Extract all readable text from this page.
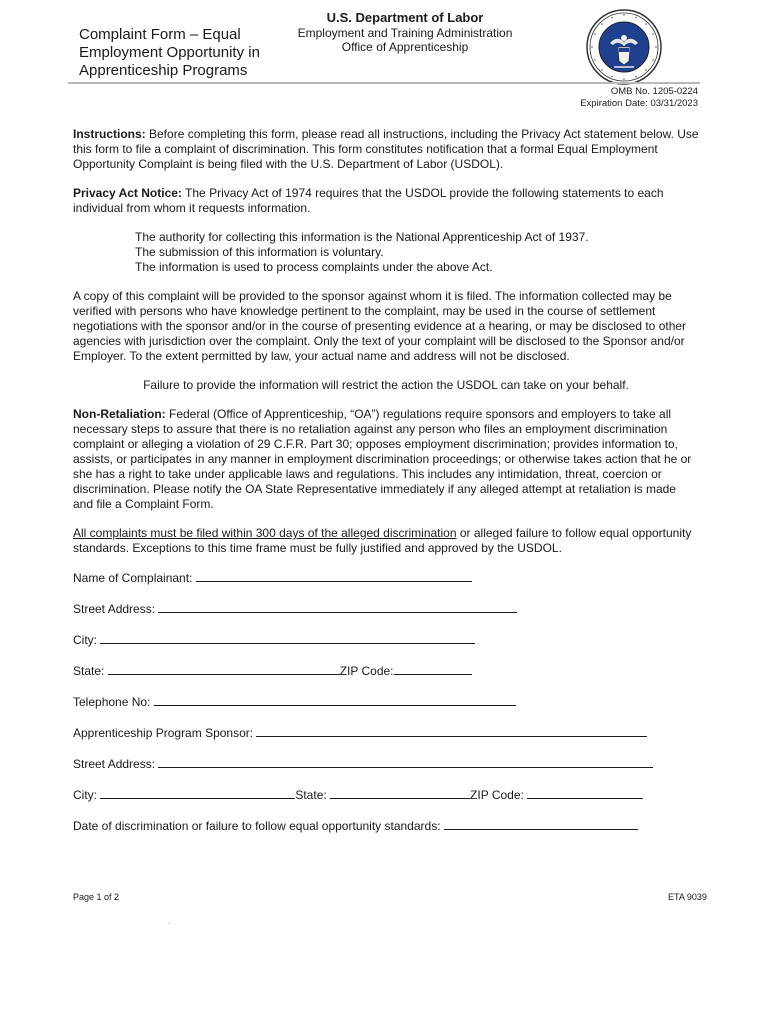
Complaint Form – Equal Employment Opportunity in Apprenticeship Programs
U.S. Department of Labor
Employment and Training Administration
Office of Apprenticeship
OMB No. 1205-0224
Expiration Date: 03/31/2023

Instructions: Before completing this form, please read all instructions, including the Privacy Act statement below. Use this form to file a complaint of discrimination. This form constitutes notification that a formal Equal Employment Opportunity Complaint is being filed with the U.S. Department of Labor (USDOL).

Privacy Act Notice: The Privacy Act of 1974 requires that the USDOL provide the following statements to each individual from whom it requests information.

The authority for collecting this information is the National Apprenticeship Act of 1937.
The submission of this information is voluntary.
The information is used to process complaints under the above Act.

A copy of this complaint will be provided to the sponsor against whom it is filed. The information collected may be verified with persons who have knowledge pertinent to the complaint, may be used in the course of settlement negotiations with the sponsor and/or in the course of presenting evidence at a hearing, or may be disclosed to other agencies with jurisdiction over the complaint. Only the text of your complaint will be disclosed to the Sponsor and/or Employer. To the extent permitted by law, your actual name and address will not be disclosed.

Failure to provide the information will restrict the action the USDOL can take on your behalf.

Non-Retaliation: Federal (Office of Apprenticeship, “OA”) regulations require sponsors and employers to take all necessary steps to assure that there is no retaliation against any person who files an employment discrimination complaint or alleging a violation of 29 C.F.R. Part 30; opposes employment discrimination; provides information to, assists, or participates in any manner in employment discrimination proceedings; or otherwise takes action that he or she has a right to take under applicable laws and regulations. This includes any intimidation, threat, coercion or discrimination. Please notify the OA State Representative immediately if any alleged attempt at retaliation is made and file a Complaint Form.

All complaints must be filed within 300 days of the alleged discrimination or alleged failure to follow equal opportunity standards. Exceptions to this time frame must be fully justified and approved by the USDOL.

Name of Complainant:
Street Address:
City:
State:	ZIP Code:
Telephone No:
Apprenticeship Program Sponsor:
Street Address:
City:	State:	ZIP Code:
Date of discrimination or failure to follow equal opportunity standards:
Page 1 of 2	ETA 9039
.
